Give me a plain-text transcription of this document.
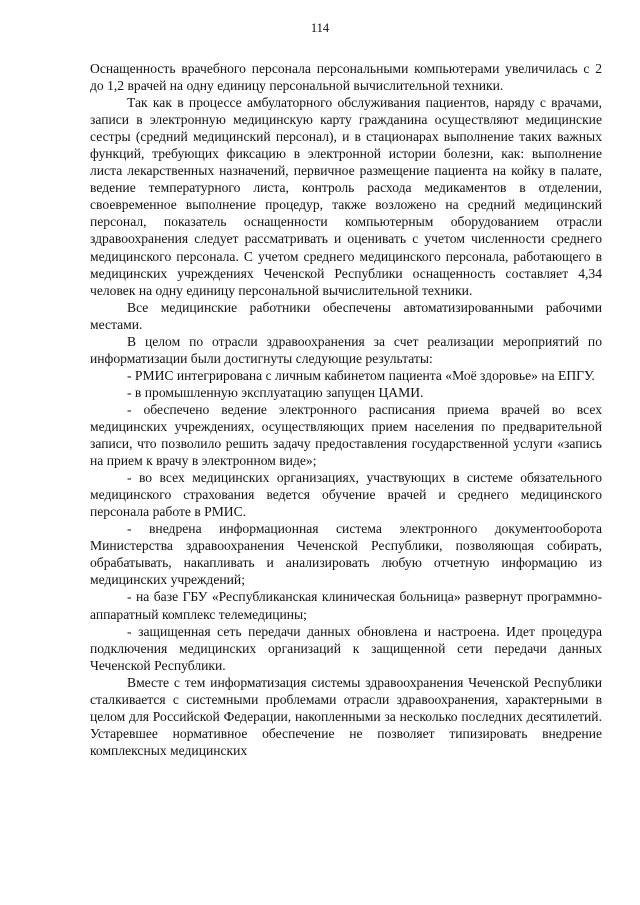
114

Оснащенность врачебного персонала персональными компьютерами увеличилась с 2 до 1,2 врачей на одну единицу персональной вычислительной техники.

Так как в процессе амбулаторного обслуживания пациентов, наряду с врачами, записи в электронную медицинскую карту гражданина осуществляют медицинские сестры (средний медицинский персонал), и в стационарах выполнение таких важных функций, требующих фиксацию в электронной истории болезни, как: выполнение листа лекарственных назначений, первичное размещение пациента на койку в палате, ведение температурного листа, контроль расхода медикаментов в отделении, своевременное выполнение процедур, также возложено на средний медицинский персонал, показатель оснащенности компьютерным оборудованием отрасли здравоохранения следует рассматривать и оценивать с учетом численности среднего медицинского персонала. С учетом среднего медицинского персонала, работающего в медицинских учреждениях Чеченской Республики оснащенность составляет 4,34 человек на одну единицу персональной вычислительной техники.

Все медицинские работники обеспечены автоматизированными рабочими местами.

В целом по отрасли здравоохранения за счет реализации мероприятий по информатизации были достигнуты следующие результаты:

- РМИС интегрирована с личным кабинетом пациента «Моё здоровье» на ЕПГУ.

- в промышленную эксплуатацию запущен ЦАМИ.

- обеспечено ведение электронного расписания приема врачей во всех медицинских учреждениях, осуществляющих прием населения по предварительной записи, что позволило решить задачу предоставления государственной услуги «запись на прием к врачу в электронном виде»;

- во всех медицинских организациях, участвующих в системе обязательного медицинского страхования ведется обучение врачей и среднего медицинского персонала работе в РМИС.

- внедрена информационная система электронного документооборота Министерства здравоохранения Чеченской Республики, позволяющая собирать, обрабатывать, накапливать и анализировать любую отчетную информацию из медицинских учреждений;

- на базе ГБУ «Республиканская клиническая больница» развернут программно-аппаратный комплекс телемедицины;

- защищенная сеть передачи данных обновлена и настроена. Идет процедура подключения медицинских организаций к защищенной сети передачи данных Чеченской Республики.

Вместе с тем информатизация системы здравоохранения Чеченской Республики сталкивается с системными проблемами отрасли здравоохранения, характерными в целом для Российской Федерации, накопленными за несколько последних десятилетий. Устаревшее нормативное обеспечение не позволяет типизировать внедрение комплексных медицинских
